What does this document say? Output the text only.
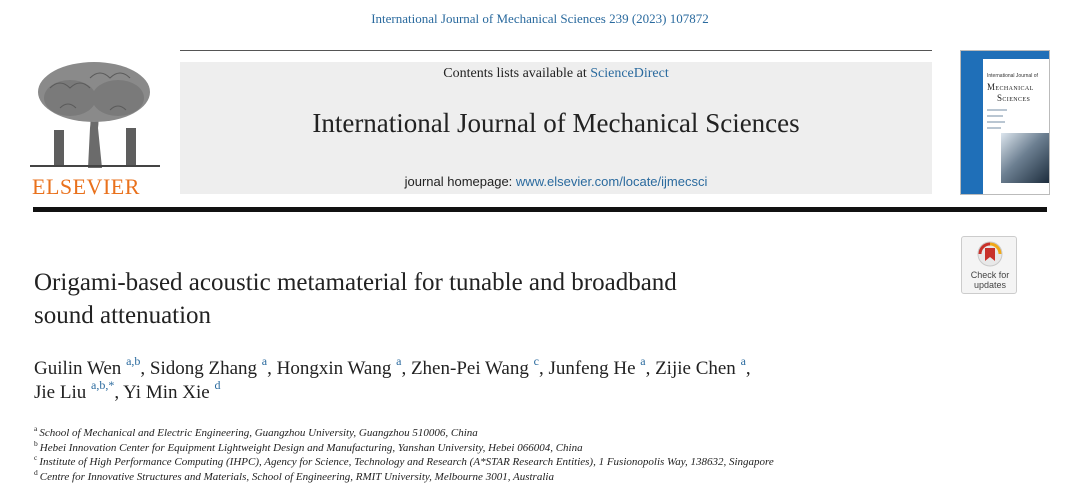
International Journal of Mechanical Sciences 239 (2023) 107872
ELSEVIER
Contents lists available at ScienceDirect
International Journal of Mechanical Sciences
journal homepage: www.elsevier.com/locate/ijmecsci
International Journal of
Mechanical
Sciences
Check for
updates
Origami-based acoustic metamaterial for tunable and broadband
sound attenuation
Guilin Wen $^{a,b}$, Sidong Zhang $^a$, Hongxin Wang $^a$, Zhen-Pei Wang $^c$, Junfeng He $^a$, Zijie Chen $^a$,
Jie Liu $^{a,b,*}$, Yi Min Xie $^d$
$^a$ School of Mechanical and Electric Engineering, Guangzhou University, Guangzhou 510006, China
$^b$ Hebei Innovation Center for Equipment Lightweight Design and Manufacturing, Yanshan University, Hebei 066004, China
$^c$ Institute of High Performance Computing (IHPC), Agency for Science, Technology and Research (A*STAR Research Entities), 1 Fusionopolis Way, 138632, Singapore
$^d$ Centre for Innovative Structures and Materials, School of Engineering, RMIT University, Melbourne 3001, Australia
